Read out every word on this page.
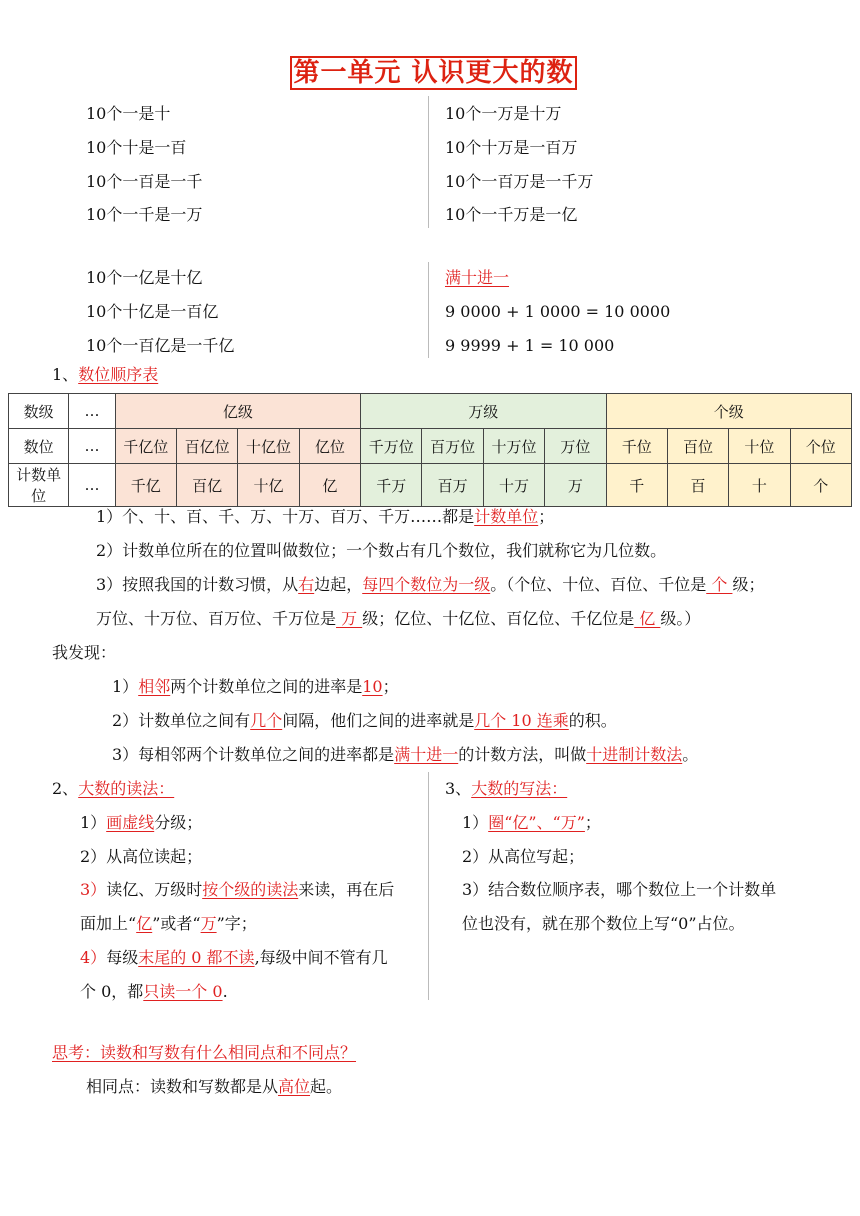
第一单元 认识更大的数
10个一是十
10个十是一百
10个一百是一千
10个一千是一万
10个一万是十万
10个十万是一百万
10个一百万是一千万
10个一千万是一亿
10个一亿是十亿
10个十亿是一百亿
10个一百亿是一千亿
满十进一
9 0000 + 1 0000 = 10 0000
9 9999 + 1 = 10 000
1、数位顺序表
数级	…	亿级				万级				个级			
数位	…	千亿位	百亿位	十亿位	亿位	千万位	百万位	十万位	万位	千位	百位	十位	个位
计数单位	…	千亿	百亿	十亿	亿	千万	百万	十万	万	千	百	十	个
1）个、十、百、千、万、十万、百万、千万……都是计数单位；
2）计数单位所在的位置叫做数位；一个数占有几个数位，我们就称它为几位数。
3）按照我国的计数习惯，从右边起，每四个数位为一级。（个位、十位、百位、千位是 个 级；
万位、十万位、百万位、千万位是 万 级；亿位、十亿位、百亿位、千亿位是 亿 级。）
我发现：
1）相邻两个计数单位之间的进率是10；
2）计数单位之间有几个间隔，他们之间的进率就是几个 10 连乘的积。
3）每相邻两个计数单位之间的进率都是满十进一的计数方法，叫做十进制计数法。
2、大数的读法：
1）画虚线分级；
2）从高位读起；
3）读亿、万级时按个级的读法来读，再在后
面加上“亿”或者“万”字；
4）每级末尾的 0 都不读,每级中间不管有几
个 0，都只读一个 0.
3、大数的写法：
1）圈“亿”、“万”；
2）从高位写起；
3）结合数位顺序表，哪个数位上一个计数单
位也没有，就在那个数位上写“0”占位。
思考：读数和写数有什么相同点和不同点？
相同点：读数和写数都是从高位起。
